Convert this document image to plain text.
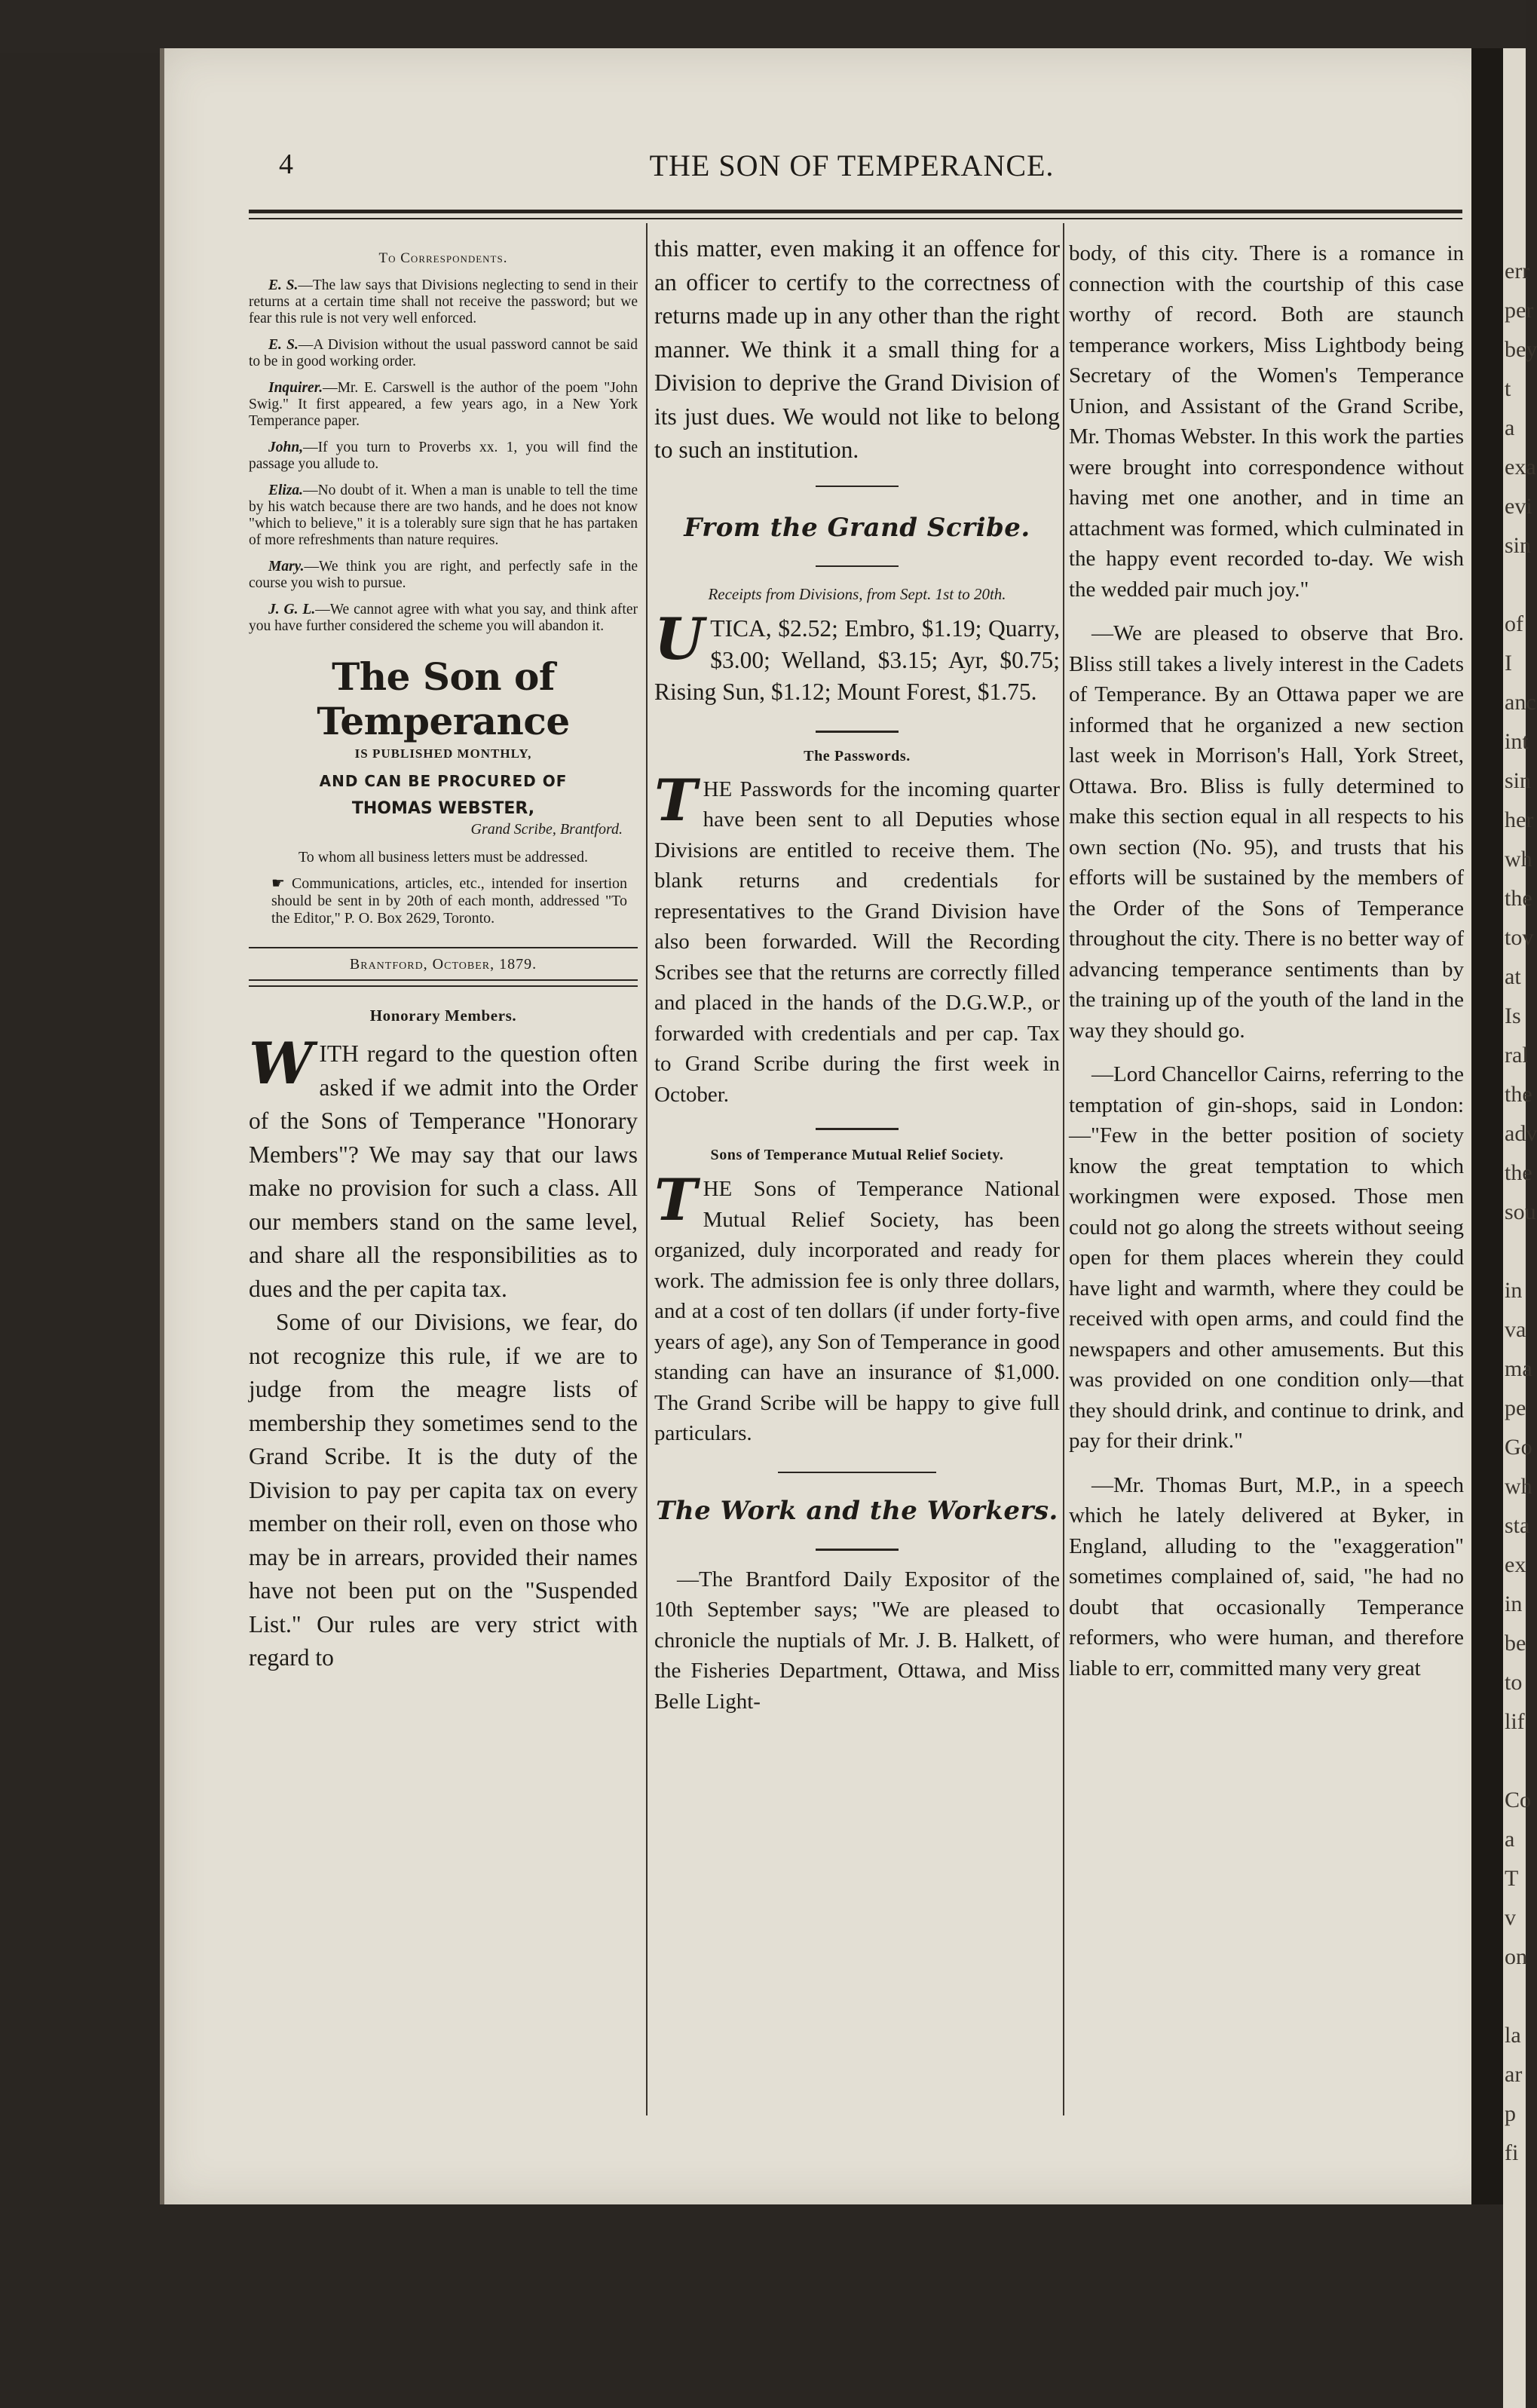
err
per
bey
t a
exa
evi
sin

of I
anc
int
sin
her
wh
the
tov
at
Is
ral
the
adv
the
sou

in
va
ma
pe
Go
wh
sta
ex
in
be
to
lif

Co
a
T
v
on

la
ar
p
fi
4	THE SON OF TEMPERANCE.
To Correspondents.

E. S.—The law says that Divisions neglecting to send in their returns at a certain time shall not receive the password; but we fear this rule is not very well enforced.

E. S.—A Division without the usual password cannot be said to be in good working order.

Inquirer.—Mr. E. Carswell is the author of the poem "John Swig." It first appeared, a few years ago, in a New York Temperance paper.

John,—If you turn to Proverbs xx. 1, you will find the passage you allude to.

Eliza.—No doubt of it. When a man is unable to tell the time by his watch because there are two hands, and he does not know "which to believe," it is a tolerably sure sign that he has partaken of more refreshments than nature requires.

Mary.—We think you are right, and perfectly safe in the course you wish to pursue.

J. G. L.—We cannot agree with what you say, and think after you have further considered the scheme you will abandon it.

The Son of Temperance
IS PUBLISHED MONTHLY,
AND CAN BE PROCURED OF
THOMAS WEBSTER,
Grand Scribe, Brantford.
To whom all business letters must be addressed.
☛ Communications, articles, etc., intended for insertion should be sent in by 20th of each month, addressed "To the Editor," P. O. Box 2629, Toronto.
Brantford, October, 1879.
Honorary Members.

WITH regard to the question often asked if we admit into the Order of the Sons of Temperance "Honorary Members"? We may say that our laws make no provision for such a class. All our members stand on the same level, and share all the responsibilities as to dues and the per capita tax.

Some of our Divisions, we fear, do not recognize this rule, if we are to judge from the meagre lists of membership they sometimes send to the Grand Scribe. It is the duty of the Division to pay per capita tax on every member on their roll, even on those who may be in arrears, provided their names have not been put on the "Suspended List." Our rules are very strict with regard to

this matter, even making it an offence for an officer to certify to the correctness of returns made up in any other than the right manner. We think it a small thing for a Division to deprive the Grand Division of its just dues. We would not like to belong to such an institution.

From the Grand Scribe.
Receipts from Divisions, from Sept. 1st to 20th.

UTICA, $2.52; Embro, $1.19; Quarry, $3.00; Welland, $3.15; Ayr, $0.75; Rising Sun, $1.12; Mount Forest, $1.75.

The Passwords.

THE Passwords for the incoming quarter have been sent to all Deputies whose Divisions are entitled to receive them. The blank returns and credentials for representatives to the Grand Division have also been forwarded. Will the Recording Scribes see that the returns are correctly filled and placed in the hands of the D.G.W.P., or forwarded with credentials and per cap. Tax to Grand Scribe during the first week in October.

Sons of Temperance Mutual Relief Society.

THE Sons of Temperance National Mutual Relief Society, has been organized, duly incorporated and ready for work. The admission fee is only three dollars, and at a cost of ten dollars (if under forty-five years of age), any Son of Temperance in good standing can have an insurance of $1,000. The Grand Scribe will be happy to give full particulars.

The Work and the Workers.

—The Brantford Daily Expositor of the 10th September says; "We are pleased to chronicle the nuptials of Mr. J. B. Halkett, of the Fisheries Department, Ottawa, and Miss Belle Light-

body, of this city. There is a romance in connection with the courtship of this case worthy of record. Both are staunch temperance workers, Miss Lightbody being Secretary of the Women's Temperance Union, and Assistant of the Grand Scribe, Mr. Thomas Webster. In this work the parties were brought into correspondence without having met one another, and in time an attachment was formed, which culminated in the happy event recorded to-day. We wish the wedded pair much joy."

—We are pleased to observe that Bro. Bliss still takes a lively interest in the Cadets of Temperance. By an Ottawa paper we are informed that he organized a new section last week in Morrison's Hall, York Street, Ottawa. Bro. Bliss is fully determined to make this section equal in all respects to his own section (No. 95), and trusts that his efforts will be sustained by the members of the Order of the Sons of Temperance throughout the city. There is no better way of advancing temperance sentiments than by the training up of the youth of the land in the way they should go.

—Lord Chancellor Cairns, referring to the temptation of gin-shops, said in London:—"Few in the better position of society know the great temptation to which workingmen were exposed. Those men could not go along the streets without seeing open for them places wherein they could have light and warmth, where they could be received with open arms, and could find the newspapers and other amusements. But this was provided on one condition only—that they should drink, and continue to drink, and pay for their drink."

—Mr. Thomas Burt, M.P., in a speech which he lately delivered at Byker, in England, alluding to the "exaggeration" sometimes complained of, said, "he had no doubt that occasionally Temperance reformers, who were human, and therefore liable to err, committed many very great
